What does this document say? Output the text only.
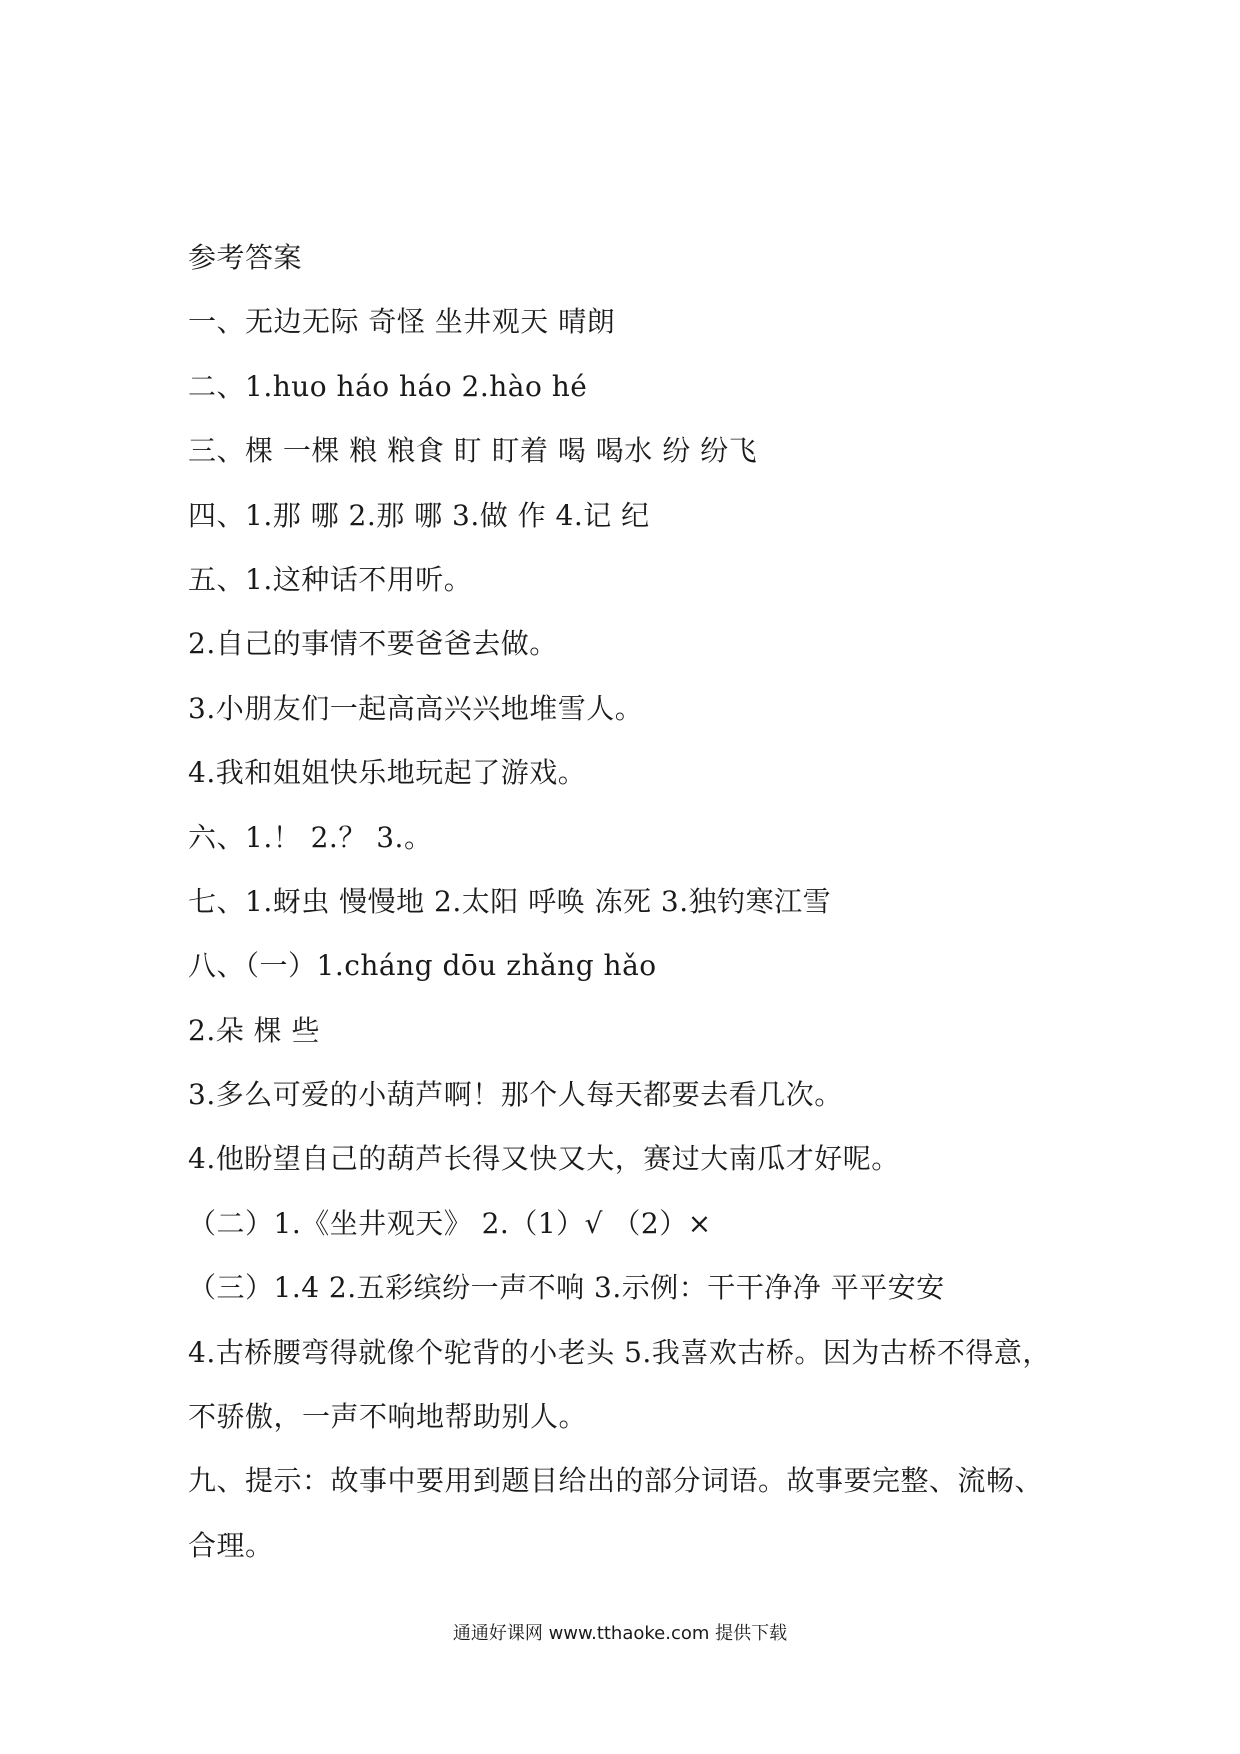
参考答案

一、无边无际 奇怪 坐井观天 晴朗

二、1.huo háo háo 2.hào hé

三、棵 一棵 粮 粮食 盯 盯着 喝 喝水 纷 纷飞

四、1.那 哪 2.那 哪 3.做 作 4.记 纪

五、1.这种话不用听。

2.自己的事情不要爸爸去做。

3.小朋友们一起高高兴兴地堆雪人。

4.我和姐姐快乐地玩起了游戏。

六、1.！ 2.？ 3.。

七、1.蚜虫 慢慢地 2.太阳 呼唤 冻死 3.独钓寒江雪

八、（一）1.cháng dōu zhǎng hǎo

2.朵 棵 些

3.多么可爱的小葫芦啊！那个人每天都要去看几次。

4.他盼望自己的葫芦长得又快又大，赛过大南瓜才好呢。

（二）1.《坐井观天》 2.（1）√ （2）×

（三）1.4 2.五彩缤纷一声不响 3.示例：干干净净 平平安安

4.古桥腰弯得就像个驼背的小老头 5.我喜欢古桥。因为古桥不得意，

不骄傲，一声不响地帮助别人。

九、提示：故事中要用到题目给出的部分词语。故事要完整、流畅、

合理。

通通好课网 www.tthaoke.com 提供下载
